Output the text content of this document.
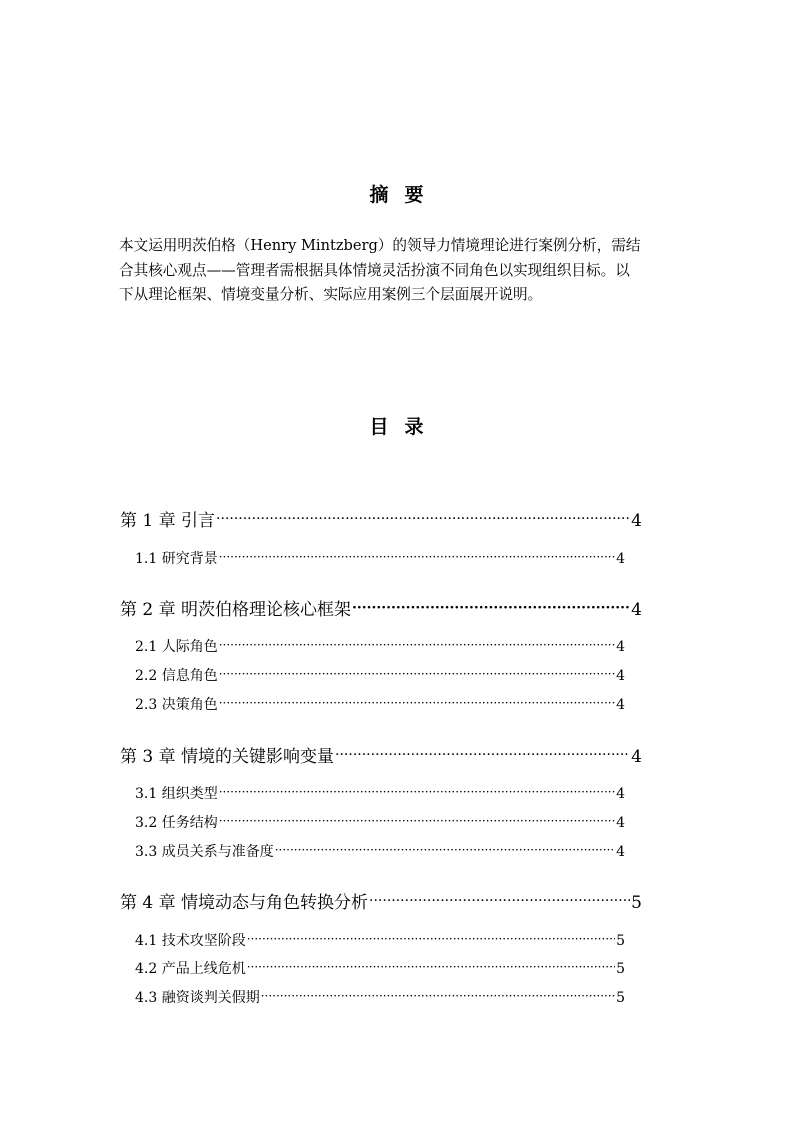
摘 要
本文运用明茨伯格（Henry Mintzberg）的领导力情境理论进行案例分析，需结
合其核心观点——管理者需根据具体情境灵活扮演不同角色以实现组织目标。以
下从理论框架、情境变量分析、实际应用案例三个层面展开说明。
目 录
第 1 章 引言 ·····	4
1.1 研究背景 ·····	4
第 2 章 明茨伯格理论核心框架 ·····	4
2.1 人际角色 ·····	4
2.2 信息角色 ·····	4
2.3 决策角色 ·····	4
第 3 章 情境的关键影响变量 ·····	4
3.1 组织类型 ·····	4
3.2 任务结构 ·····	4
3.3 成员关系与准备度 ·····	4
第 4 章 情境动态与角色转换分析 ·····	5
4.1 技术攻坚阶段 ·····	5
4.2 产品上线危机 ·····	5
4.3 融资谈判关假期 ·····	5
